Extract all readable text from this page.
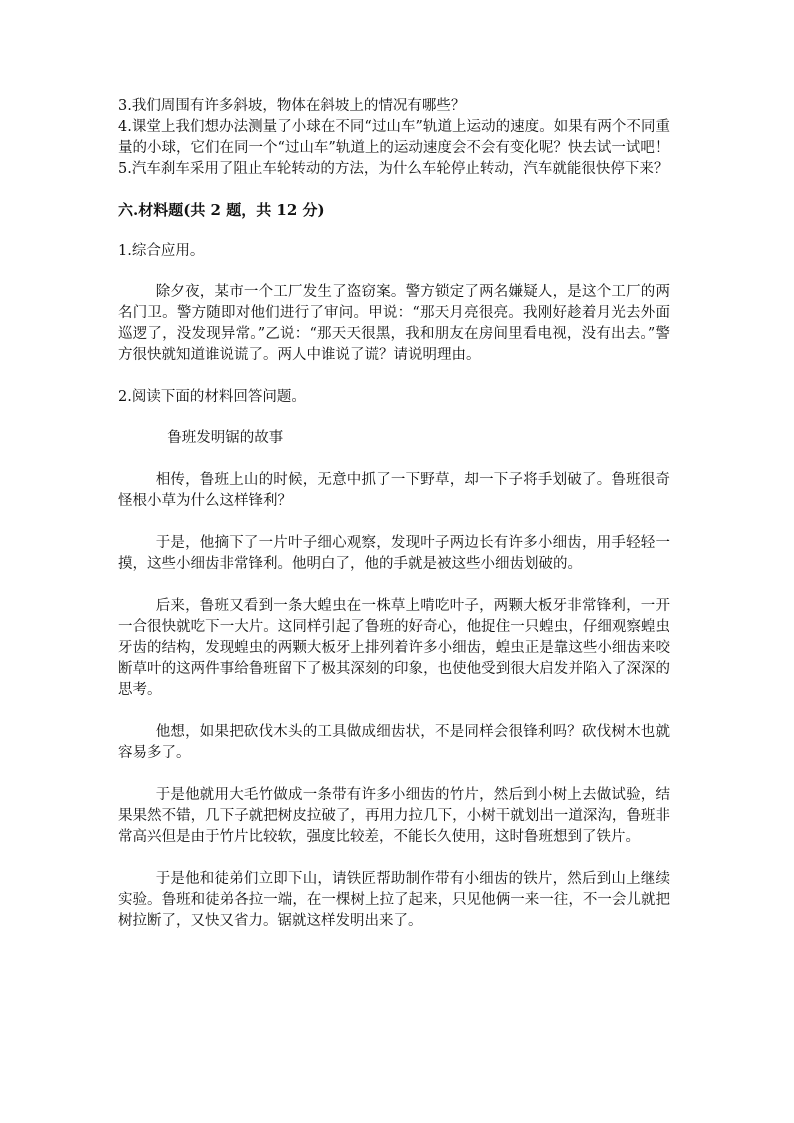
3.我们周围有许多斜坡，物体在斜坡上的情况有哪些？

4.课堂上我们想办法测量了小球在不同“过山车”轨道上运动的速度。如果有两个不同重量的小球，它们在同一个“过山车”轨道上的运动速度会不会有变化呢？快去试一试吧！

5.汽车刹车采用了阻止车轮转动的方法，为什么车轮停止转动，汽车就能很快停下来？

六.材料题(共 2 题，共 12 分)

1.综合应用。

除夕夜，某市一个工厂发生了盗窃案。警方锁定了两名嫌疑人，是这个工厂的两名门卫。警方随即对他们进行了审问。甲说：“那天月亮很亮。我刚好趁着月光去外面巡逻了，没发现异常。”乙说：“那天天很黑，我和朋友在房间里看电视，没有出去。”警方很快就知道谁说谎了。两人中谁说了谎？请说明理由。

2.阅读下面的材料回答问题。

鲁班发明锯的故事

相传，鲁班上山的时候，无意中抓了一下野草，却一下子将手划破了。鲁班很奇怪根小草为什么这样锋利？

于是，他摘下了一片叶子细心观察，发现叶子两边长有许多小细齿，用手轻轻一摸，这些小细齿非常锋利。他明白了，他的手就是被这些小细齿划破的。

后来，鲁班又看到一条大蝗虫在一株草上啃吃叶子，两颗大板牙非常锋利，一开一合很快就吃下一大片。这同样引起了鲁班的好奇心，他捉住一只蝗虫，仔细观察蝗虫牙齿的结构，发现蝗虫的两颗大板牙上排列着许多小细齿，蝗虫正是靠这些小细齿来咬断草叶的这两件事给鲁班留下了极其深刻的印象，也使他受到很大启发并陷入了深深的思考。

他想，如果把砍伐木头的工具做成细齿状，不是同样会很锋利吗？砍伐树木也就容易多了。

于是他就用大毛竹做成一条带有许多小细齿的竹片，然后到小树上去做试验，结果果然不错，几下子就把树皮拉破了，再用力拉几下，小树干就划出一道深沟，鲁班非常高兴但是由于竹片比较软，强度比较差，不能长久使用，这时鲁班想到了铁片。

于是他和徒弟们立即下山，请铁匠帮助制作带有小细齿的铁片，然后到山上继续实验。鲁班和徒弟各拉一端，在一棵树上拉了起来，只见他俩一来一往，不一会儿就把树拉断了，又快又省力。锯就这样发明出来了。
